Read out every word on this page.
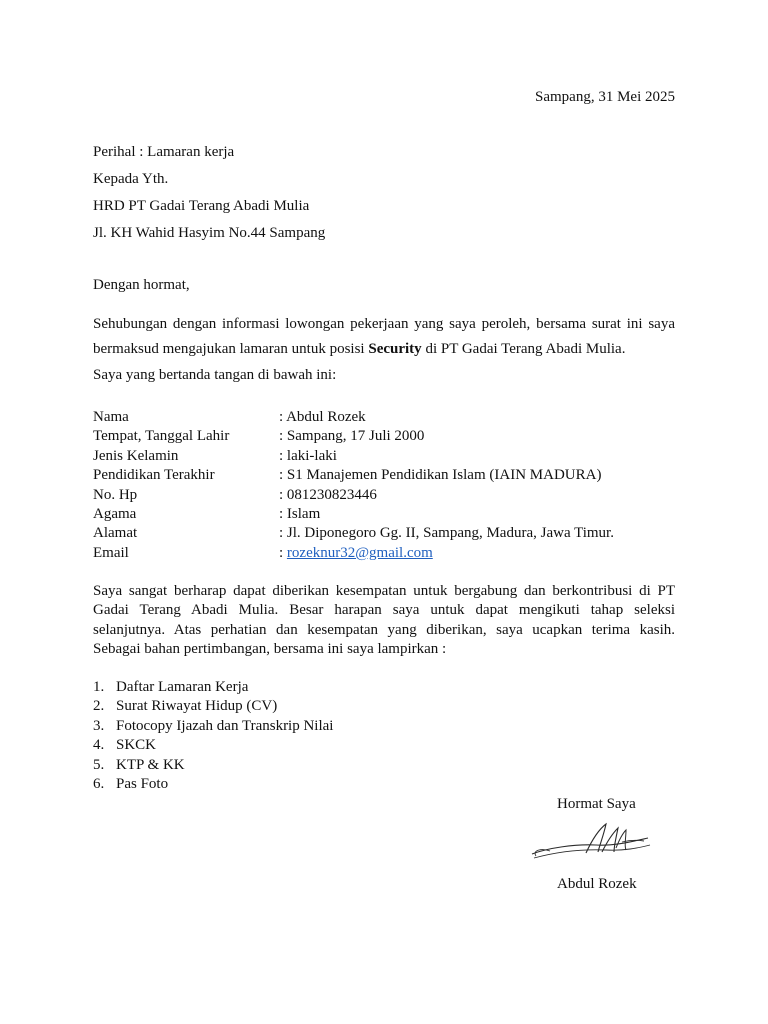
Sampang, 31 Mei 2025
Perihal : Lamaran kerja
Kepada Yth.
HRD PT Gadai Terang Abadi Mulia
Jl. KH Wahid Hasyim No.44 Sampang
Dengan hormat,
Sehubungan dengan informasi lowongan pekerjaan yang saya peroleh, bersama surat ini saya
bermaksud mengajukan lamaran untuk posisi Security di PT Gadai Terang Abadi Mulia.
Saya yang bertanda tangan di bawah ini:
Nama	: Abdul Rozek
Tempat, Tanggal Lahir	: Sampang, 17 Juli 2000
Jenis Kelamin	: laki-laki
Pendidikan Terakhir	: S1 Manajemen Pendidikan Islam (IAIN MADURA)
No. Hp	: 081230823446
Agama	: Islam
Alamat	: Jl. Diponegoro Gg. II, Sampang, Madura, Jawa Timur.
Email	: rozeknur32@gmail.com
Saya sangat berharap dapat diberikan kesempatan untuk bergabung dan berkontribusi di PT
Gadai Terang Abadi Mulia. Besar harapan saya untuk dapat mengikuti tahap seleksi
selanjutnya. Atas perhatian dan kesempatan yang diberikan, saya ucapkan terima kasih.
Sebagai bahan pertimbangan, bersama ini saya lampirkan :
1. Daftar Lamaran Kerja
2. Surat Riwayat Hidup (CV)
3. Fotocopy Ijazah dan Transkrip Nilai
4. SKCK
5. KTP & KK
6. Pas Foto
Hormat Saya
Abdul Rozek
